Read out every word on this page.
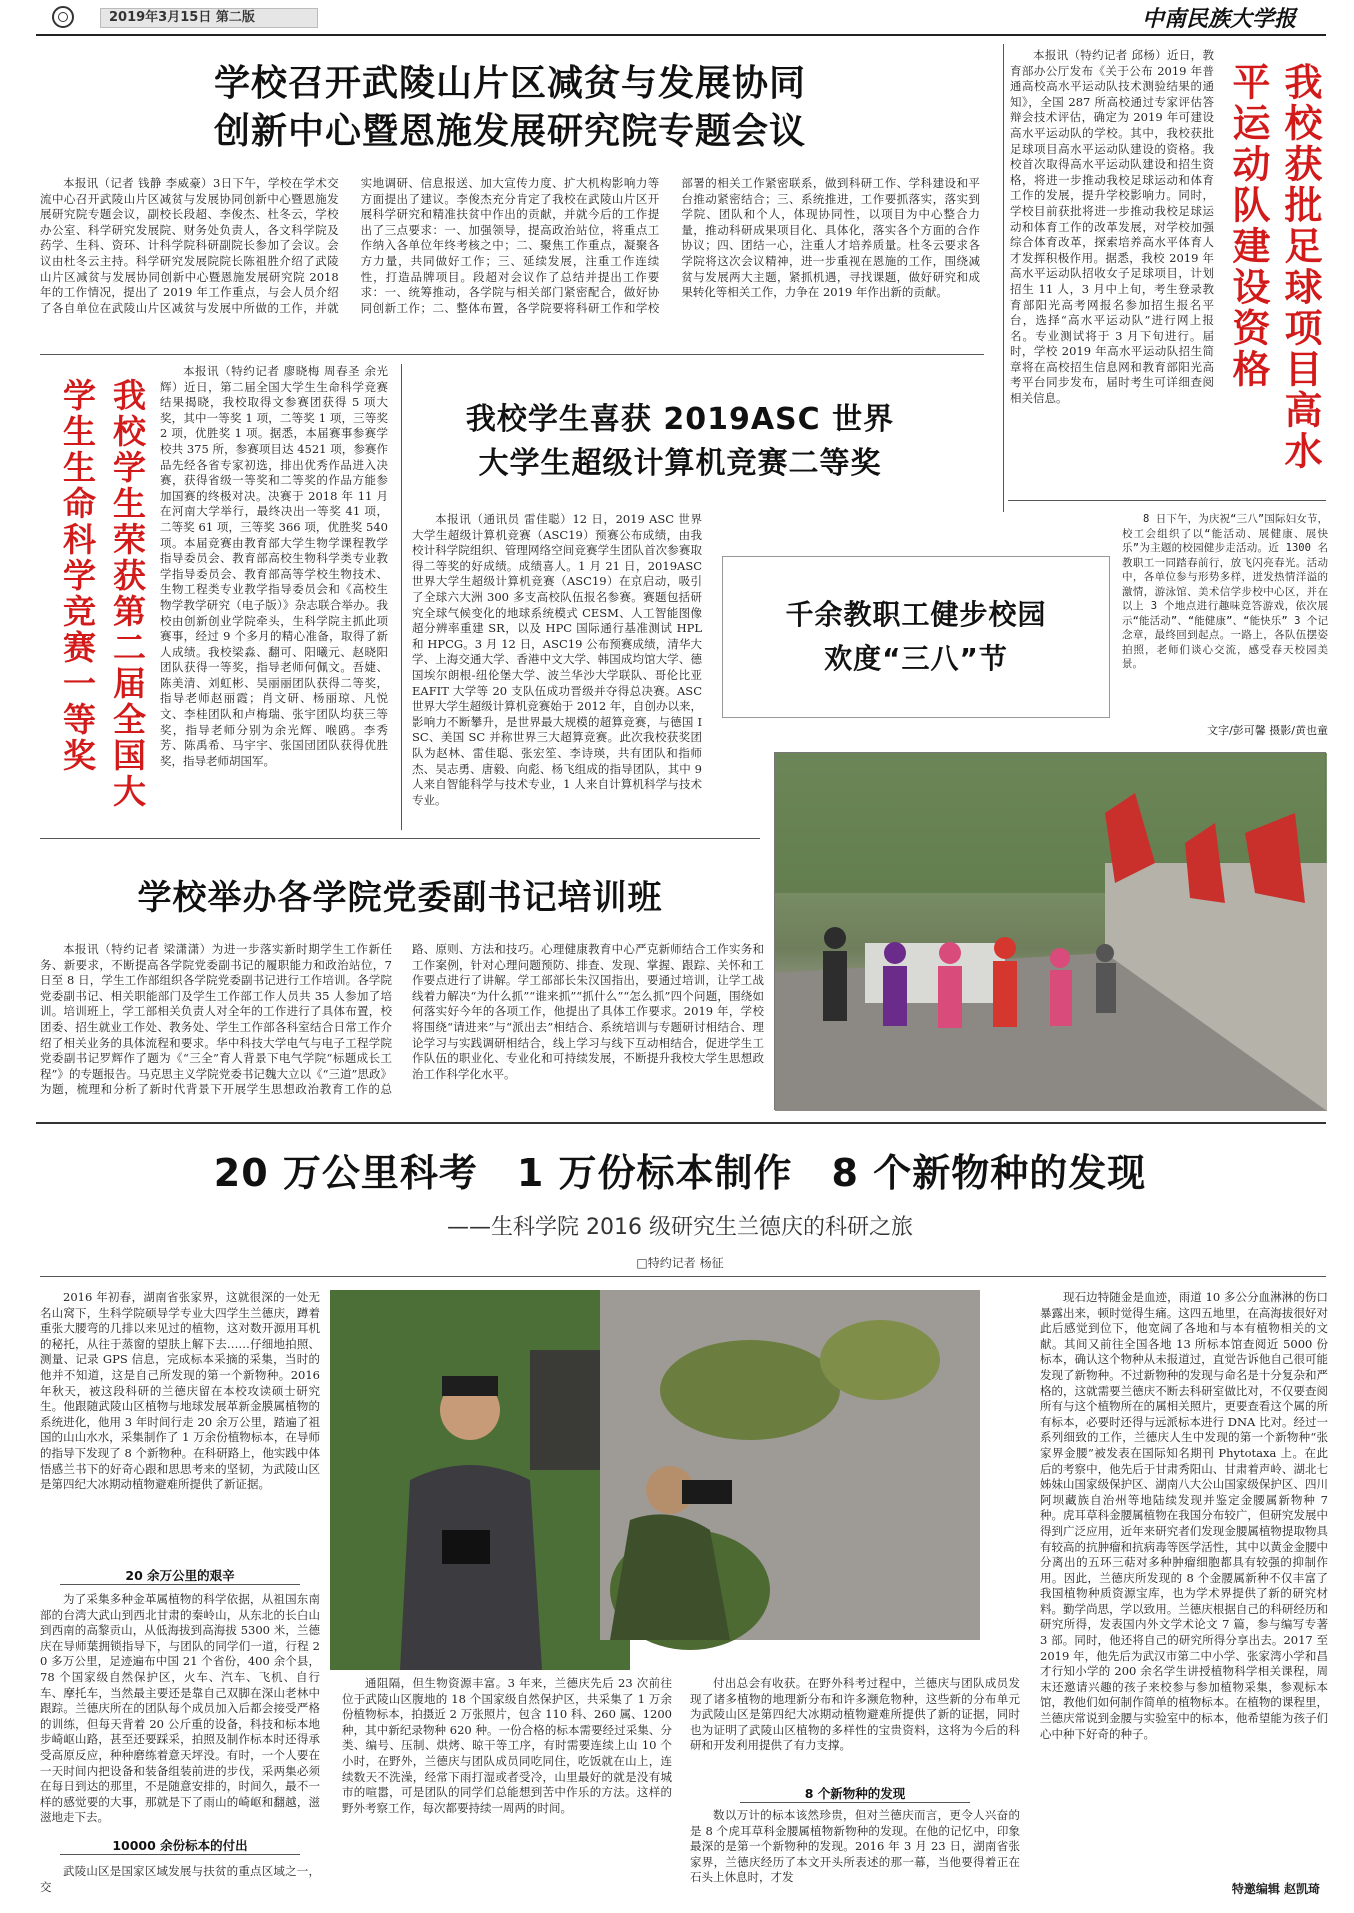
2019年3月15日 第二版	中南民族大学报
学校召开武陵山片区减贫与发展协同
创新中心暨恩施发展研究院专题会议
本报讯（记者 钱静 李威豪）3日下午，学校在学术交流中心召开武陵山片区减贫与发展协同创新中心暨恩施发展研究院专题会议，副校长段超、李俊杰、杜冬云，学校办公室、科学研究发展院、财务处负责人，各文科学院及药学、生科、资环、计科学院科研副院长参加了会议。会议由杜冬云主持。科学研究发展院院长陈祖胜介绍了武陵山片区减贫与发展协同创新中心暨恩施发展研究院 2018 年的工作情况，提出了 2019 年工作重点，与会人员介绍了各自单位在武陵山片区减贫与发展中所做的工作，并就实地调研、信息报送、加大宣传力度、扩大机构影响力等方面提出了建议。李俊杰充分肯定了我校在武陵山片区开展科学研究和精准扶贫中作出的贡献，并就今后的工作提出了三点要求：一、加强领导，提高政治站位，将重点工作纳入各单位年终考核之中；二、聚焦工作重点，凝聚各方力量，共同做好工作；三、延续发展，注重工作连续性，打造品牌项目。段超对会议作了总结并提出工作要求：一、统筹推动，各学院与相关部门紧密配合，做好协同创新工作；二、整体布置，各学院要将科研工作和学校部署的相关工作紧密联系，做到科研工作、学科建设和平台推动紧密结合；三、系统推进，工作要抓落实，落实到学院、团队和个人，体现协同性，以项目为中心整合力量，推动科研成果项目化、具体化，落实各个方面的合作协议；四、团结一心，注重人才培养质量。杜冬云要求各学院将这次会议精神，进一步重视在恩施的工作，围绕减贫与发展两大主题，紧抓机遇，寻找课题，做好研究和成果转化等相关工作，力争在 2019 年作出新的贡献。
本报讯（特约记者 邱杨）近日，教育部办公厅发布《关于公布 2019 年普通高校高水平运动队技术测验结果的通知》，全国 287 所高校通过专家评估答辩会技术评估，确定为 2019 年可建设高水平运动队的学校。其中，我校获批足球项目高水平运动队建设的资格。我校首次取得高水平运动队建设和招生资格，将进一步推动我校足球运动和体育工作的发展，提升学校影响力。同时，学校目前获批将进一步推动我校足球运动和体育工作的改革发展，对学校加强综合体育改革，探索培养高水平体育人才发挥积极作用。据悉，我校 2019 年高水平运动队招收女子足球项目，计划招生 11 人，3 月中上旬，考生登录教育部阳光高考网报名参加招生报名平台，选择“高水平运动队”进行网上报名。专业测试将于 3 月下旬进行。届时，学校 2019 年高水平运动队招生简章将在高校招生信息网和教育部阳光高考平台同步发布，届时考生可详细查阅相关信息。	我校获批足球项目高水平运动队建设资格
我校学生荣获第二届全国大学生生命科学竞赛一等奖
本报讯（特约记者 廖晓梅 周春圣 余光辉）近日，第二届全国大学生生命科学竞赛结果揭晓，我校取得文参赛团获得 5 项大奖，其中一等奖 1 项，二等奖 1 项，三等奖 2 项，优胜奖 1 项。据悉，本届赛事参赛学校共 375 所，参赛项目达 4521 项，参赛作品先经各省专家初选，排出优秀作品进入决赛，获得省级一等奖和二等奖的作品方能参加国赛的终极对决。决赛于 2018 年 11 月在河南大学举行，最终决出一等奖 41 项，二等奖 61 项，三等奖 366 项，优胜奖 540 项。本届竞赛由教育部大学生物学课程教学指导委员会、教育部高校生物科学类专业教学指导委员会、教育部高等学校生物技术、生物工程类专业教学指导委员会和《高校生物学教学研究（电子版）》杂志联合举办。我校由创新创业学院牵头，生科学院主抓此项赛事，经过 9 个多月的精心准备，取得了新人成绩。我校梁淼、翻可、阳曦元、赵晓阳团队获得一等奖，指导老师何佩文。吾婕、陈美清、刘虹彬、吴丽丽团队获得二等奖，指导老师赵丽霞；肖文研、杨丽琼、凡悦文、李桂团队和卢梅瑞、张宇团队均获三等奖，指导老师分别为余光辉、喉鸥。李秀芳、陈禹希、马宇宇、张国団团队获得优胜奖，指导老师胡国军。
我校学生喜获 2019ASC 世界
大学生超级计算机竞赛二等奖
本报讯（通讯员 雷佳聪）12 日，2019 ASC 世界大学生超级计算机竞赛（ASC19）预赛公布成绩，由我校计科学院组织、管理网络空间竞赛学生团队首次参赛取得二等奖的好成绩。成绩喜人。1 月 21 日，2019ASC 世界大学生超级计算机竞赛（ASC19）在京启动，吸引了全球六大洲 300 多支高校队伍报名参赛。赛题包括研究全球气候变化的地球系统模式 CESM、人工智能图像超分辨率重建 SR，以及 HPC 国际通行基准测试 HPL 和 HPCG。3 月 12 日，ASC19 公布预赛成绩，清华大学、上海交通大学、香港中文大学、韩国成均馆大学、德国埃尔朗根-纽伦堡大学、波兰华沙大学联队、哥伦比亚 EAFIT 大学等 20 支队伍成功晋级并夺得总决赛。ASC 世界大学生超级计算机竞赛始于 2012 年，自创办以来，影响力不断攀升，是世界最大规模的超算竞赛，与德国 ISC、美国 SC 并称世界三大超算竞赛。此次我校获奖团队为赵林、雷佳聪、张宏笙、李诗瑛，共有团队和指师杰、吴志勇、唐毅、向彪、杨飞组成的指导团队，其中 9 人来自智能科学与技术专业，1 人来自计算机科学与技术专业。
千余教职工健步校园
欢度“三八”节
8 日下午，为庆祝“三八”国际妇女节，校工会组织了以“能活动、展健康、展快乐”为主题的校园健步走活动。近 1300 名教职工一同踏春前行，放飞闪亮春光。活动中，各单位参与形势多样，迸发热情洋溢的激情，游泳馆、美术信学步校中心区，并在以上 3 个地点进行趣味竞答游戏，依次展示“能活动”、“能健康”、“能快乐” 3 个记念章，最终回到起点。一路上，各队伍摆姿拍照，老师们谈心交流，感受春天校园美景。
文字/彭可馨 摄影/黄也童
学校举办各学院党委副书记培训班
本报讯（特约记者 梁潇潇）为进一步落实新时期学生工作新任务、新要求，不断提高各学院党委副书记的履职能力和政治站位，7 日至 8 日，学生工作部组织各学院党委副书记进行工作培训。各学院党委副书记、相关职能部门及学生工作部工作人员共 35 人参加了培训。培训班上，学工部相关负责人对全年的工作进行了具体布置，校团委、招生就业工作处、教务处、学生工作部各科室结合日常工作介绍了相关业务的具体流程和要求。华中科技大学电气与电子工程学院党委副书记罗辉作了题为《“三全”育人背景下电气学院“标题成长工程”》的专题报告。马克思主义学院党委书记魏大立以《“三道”思政》为题，梳理和分析了新时代背景下开展学生思想政治教育工作的总路、原则、方法和技巧。心理健康教育中心严克新师结合工作实务和工作案例，针对心理问题预防、排查、发现、掌握、跟踪、关怀和工作要点进行了讲解。学工部部长朱汉国指出，要通过培训，让学工战线着力解决“为什么抓”“谁来抓”“抓什么”“怎么抓”四个问题，围绕如何落实好今年的各项工作，他提出了具体工作要求。2019 年，学校将围绕“请进来”与“派出去”相结合、系统培训与专题研讨相结合、理论学习与实践调研相结合，线上学习与线下互动相结合，促进学生工作队伍的职业化、专业化和可持续发展，不断提升我校大学生思想政治工作科学化水平。
20 万公里科考　1 万份标本制作　8 个新物种的发现
——生科学院 2016 级研究生兰德庆的科研之旅
□特约记者 杨征
2016 年初春，湖南省张家界，这就很深的一处无名山窝下，生科学院硕导学专业大四学生兰德庆，蹲着重张大腰弯的几排以来见过的植物，这对数开源用耳机的秘托，从往于蒸窗的望肤上解下去……仔细地拍照、测量、记录 GPS 信息，完成标本采摘的采集，当时的他并不知道，这是自己所发现的第一个新物种。2016 年秋天，被这段科研的兰德庆留在本校攻读硕士研究生。他跟随武陵山区植物与地球发展革新金膜属植物的系统进化，他用 3 年时间行走 20 余万公里，踏遍了祖国的山山水水，采集制作了 1 万余份植物标本，在导师的指导下发现了 8 个新物种。在科研路上，他实践中体悟感兰书下的好奇心跟和思思考来的坚韧，为武陵山区是第四纪大冰期动植物避难所提供了新证据。
20 余万公里的艰辛
为了采集多种金革属植物的科学依据，从祖国东南部的台湾大武山到西北甘肃的秦岭山，从东北的长白山到西南的高黎贡山，从低海拔到高海拔 5300 米，兰德庆在导师葉拥锁指导下，与团队的同学们一道，行程 20 多万公里，足迹遍布中国 21 个省份，400 余个县，78 个国家级自然保护区，火车、汽车、飞机、自行车、摩托车，当然最主要还是靠自己双脚在深山老林中跟踪。兰德庆所在的团队每个成员加入后都会接受严格的训练，但每天背着 20 公斤重的设备，科技和标本地步崎岖山路，甚至还要踩采，拍照及制作标本时还得承受高原反应，种种磨练着意天坪没。有时，一个人要在一天时间内把设备和装备组装前进的步伐，采两集必须在每日到达的那里，不是随意安排的，时间久，最不一样的感觉要的大事，那就是下了雨山的崎岖和翻越，滋滋地走下去。
10000 余份标本的付出
武陵山区是国家区域发展与扶贫的重点区域之一，交
通阻隔，但生物资源丰富。3 年来，兰德庆先后 23 次前往位于武陵山区腹地的 18 个国家级自然保护区，共采集了 1 万余份植物标本，拍摄近 2 万张照片，包含 110 科、260 属、1200 种，其中新纪录物种 620 种。一份合格的标本需要经过采集、分类、编号、压制、烘烤、晾干等工序，有时需要连续上山 10 个小时，在野外，兰德庆与团队成员同吃同住，吃饭就在山上，连续数天不洗澡，经常下雨打湿或者受冷，山里最好的就是没有城市的喧嚣，可是团队的同学们总能想到苦中作乐的方法。这样的野外考察工作，每次都要持续一周两的时间。
付出总会有收获。在野外科考过程中，兰德庆与团队成员发现了诸多植物的地理新分布和许多濒危物种，这些新的分布单元为武陵山区是第四纪大冰期动植物避难所提供了新的证据，同时也为证明了武陵山区植物的多样性的宝贵资料，这将为今后的科研和开发利用提供了有力支撑。
8 个新物种的发现
数以万计的标本该然珍贵，但对兰德庆而言，更令人兴奋的是 8 个虎耳草科金腰属植物新物种的发现。在他的记忆中，印象最深的是第一个新物种的发现。2016 年 3 月 23 日，湖南省张家界，兰德庆经历了本文开头所表述的那一幕，当他要得着正在石头上休息时，才发
现石边特随金是血迹，雨道 10 多公分血淋淋的伤口暴露出来，顿时觉得生痛。这四五地里，在高海拔很好对此后感觉到位下，他宽阔了各地和与本有植物相关的文献。其间又前往全国各地 13 所标本馆查阅近 5000 份标本，确认这个物种从未报道过，直觉告诉他自己很可能发现了新物种。不过新物种的发现与命名是十分复杂和严格的，这就需要兰德庆不断去科研室做比对，不仅要查阅所有与这个植物所在的属相关照片，更要查看这个属的所有标本，必要时还得与远派标本进行 DNA 比对。经过一系列细致的工作，兰德庆人生中发现的第一个新物种“张家界金腰”被发表在国际知名期刊 Phytotaxa 上。在此后的考察中，他先后于甘肃秀阳山、甘肃着声岭、湖北七姊妹山国家级保护区、湖南八大公山国家级保护区、四川阿坝藏族自治州等地陆续发现并鉴定金腰属新物种 7 种。虎耳草科金腰属植物在我国分布较广，但研究发展中得到广泛应用，近年来研究者们发现金腰属植物提取物具有较高的抗肿瘤和抗病毒等医学活性，其中以黄金金腰中分离出的五环三萜对多种肿瘤细胞都具有较强的抑制作用。因此，兰德庆所发现的 8 个金腰属新种不仅丰富了我国植物种质资源宝库，也为学术界提供了新的研究材料。勤学尚思，学以致用。兰德庆根据自己的科研经历和研究所得，发表国内外文学术论文 7 篇，参与编写专著 3 部。同时，他还将自己的研究所得分享出去。2017 至 2019 年，他先后为武汉市第二中小学、张家湾小学和昌才行知小学的 200 余名学生讲授植物科学相关课程，周末还邀请兴趣的孩子来校参与参加植物采集，参观标本馆，教他们如何制作简单的植物标本。在植物的课程里，兰德庆常说到金腰与实验室中的标本，他希望能为孩子们心中种下好奇的种子。
特邀编辑 赵凯琦
